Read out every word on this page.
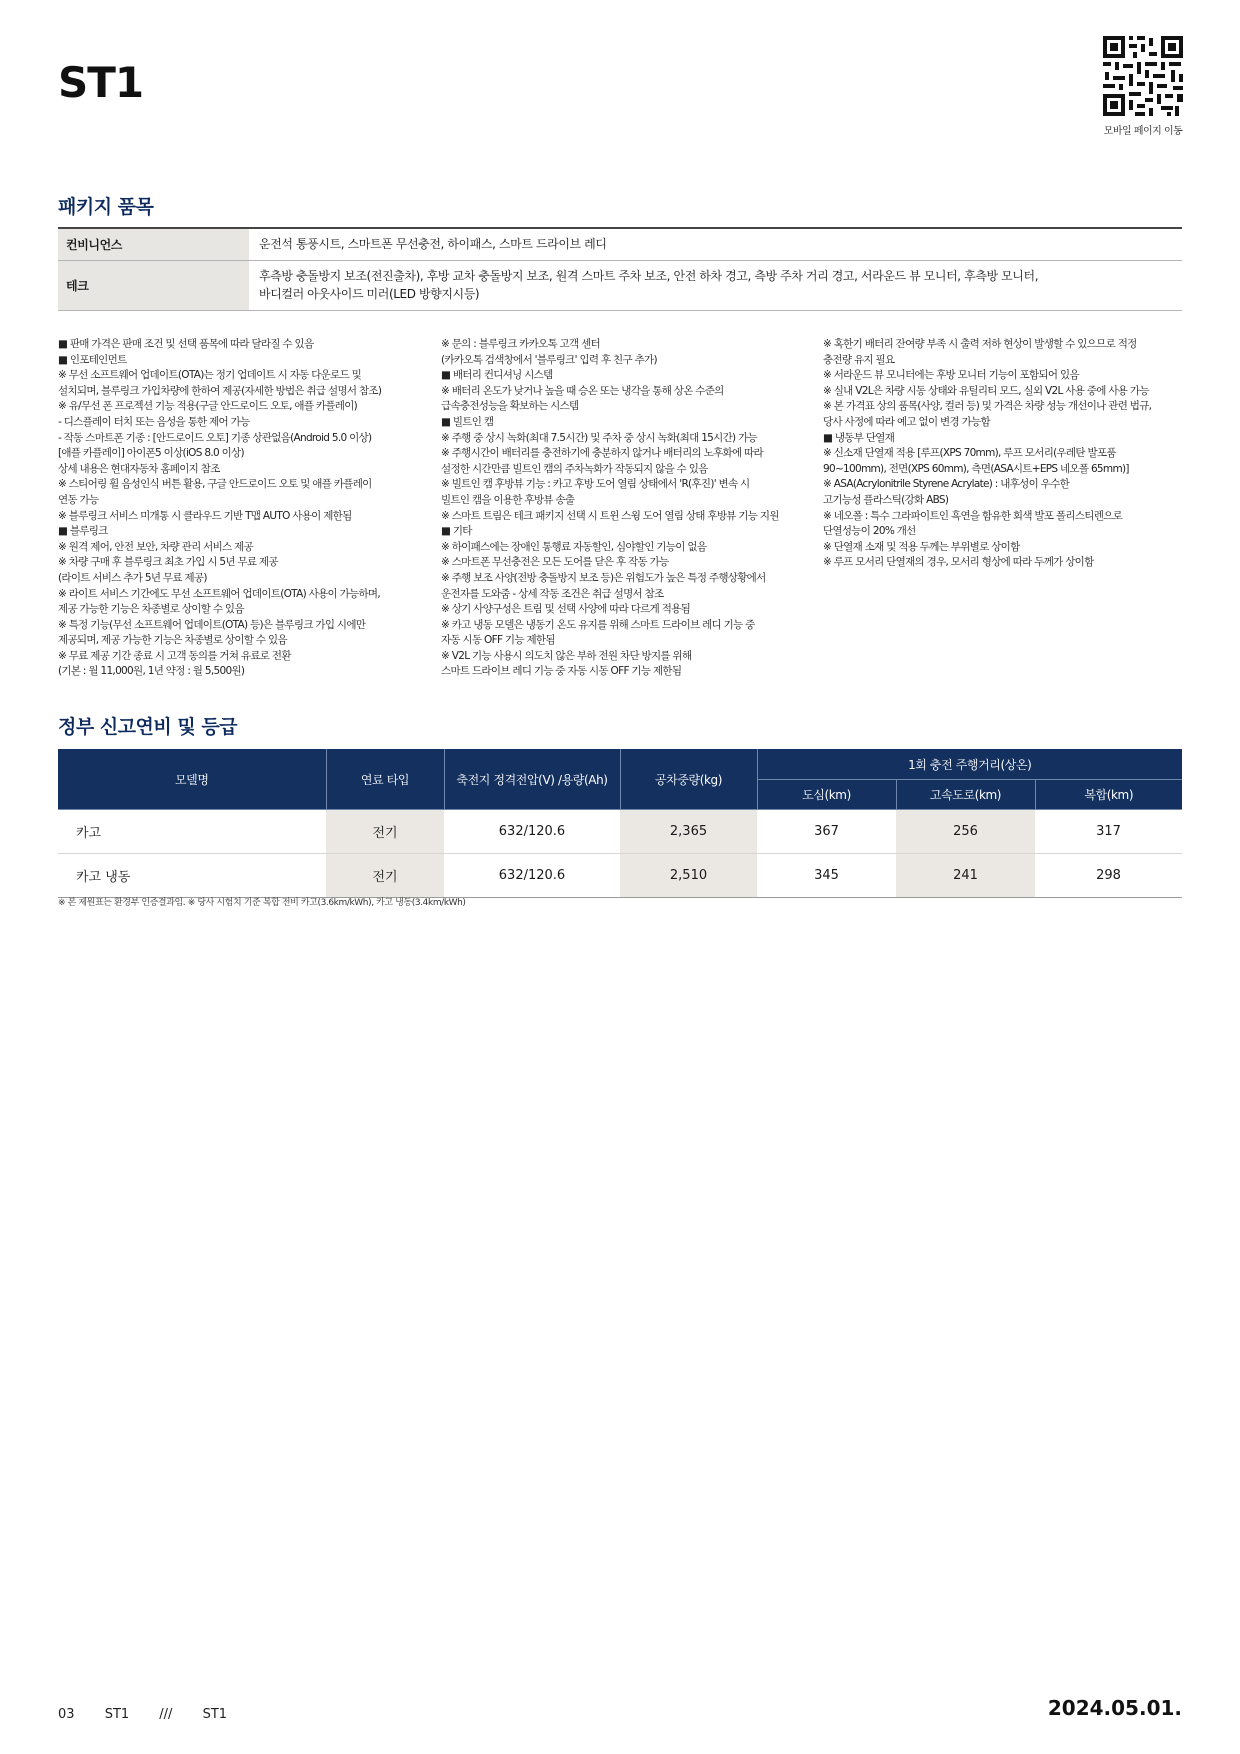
ST1
모바일 페이지 이동
패키지 품목
컨비니언스	운전석 통풍시트, 스마트폰 무선충전, 하이패스, 스마트 드라이브 레디

테크	후측방 충돌방지 보조(전진출차), 후방 교차 충돌방지 보조, 원격 스마트 주차 보조, 안전 하차 경고, 측방 주차 거리 경고, 서라운드 뷰 모니터, 후측방 모니터,
바디컬러 아웃사이드 미러(LED 방향지시등)
■ 판매 가격은 판매 조건 및 선택 품목에 따라 달라질 수 있음
■ 인포테인먼트
※ 무선 소프트웨어 업데이트(OTA)는 정기 업데이트 시 자동 다운로드 및
설치되며, 블루링크 가입차량에 한하여 제공(자세한 방법은 취급 설명서 참조)
※ 유/무선 폰 프로젝션 기능 적용(구글 안드로이드 오토, 애플 카플레이)
- 디스플레이 터치 또는 음성을 통한 제어 가능
- 작동 스마트폰 기종 : [안드로이드 오토] 기종 상관없음(Android 5.0 이상)
[애플 카플레이] 아이폰5 이상(iOS 8.0 이상)
상세 내용은 현대자동차 홈페이지 참조
※ 스티어링 휠 음성인식 버튼 활용, 구글 안드로이드 오토 및 애플 카플레이
연동 가능
※ 블루링크 서비스 미개통 시 클라우드 기반 T맵 AUTO 사용이 제한됨
■ 블루링크
※ 원격 제어, 안전 보안, 차량 관리 서비스 제공
※ 차량 구매 후 블루링크 최초 가입 시 5년 무료 제공
(라이트 서비스 추가 5년 무료 제공)
※ 라이트 서비스 기간에도 무선 소프트웨어 업데이트(OTA) 사용이 가능하며,
제공 가능한 기능은 차종별로 상이할 수 있음
※ 특정 기능(무선 소프트웨어 업데이트(OTA) 등)은 블루링크 가입 시에만
제공되며, 제공 가능한 기능은 차종별로 상이할 수 있음
※ 무료 제공 기간 종료 시 고객 동의를 거쳐 유료로 전환
(기본 : 월 11,000원, 1년 약정 : 월 5,500원)
※ 문의 : 블루링크 카카오톡 고객 센터
(카카오톡 검색창에서 '블루링크' 입력 후 친구 추가)
■ 배터리 컨디셔닝 시스템
※ 배터리 온도가 낮거나 높을 때 승온 또는 냉각을 통해 상온 수준의
급속충전성능을 확보하는 시스템
■ 빌트인 캠
※ 주행 중 상시 녹화(최대 7.5시간) 및 주차 중 상시 녹화(최대 15시간) 가능
※ 주행시간이 배터리를 충전하기에 충분하지 않거나 배터리의 노후화에 따라
설정한 시간만큼 빌트인 캠의 주차녹화가 작동되지 않을 수 있음
※ 빌트인 캠 후방뷰 기능 : 카고 후방 도어 열림 상태에서 'R(후진)' 변속 시
빌트인 캠을 이용한 후방뷰 송출
※ 스마트 트림은 테크 패키지 선택 시 트윈 스윙 도어 열림 상태 후방뷰 기능 지원
■ 기타
※ 하이패스에는 장애인 통행료 자동할인, 심야할인 기능이 없음
※ 스마트폰 무선충전은 모든 도어를 닫은 후 작동 가능
※ 주행 보조 사양(전방 충돌방지 보조 등)은 위험도가 높은 특정 주행상황에서
운전자를 도와줌 - 상세 작동 조건은 취급 설명서 참조
※ 상기 사양구성은 트림 및 선택 사양에 따라 다르게 적용됨
※ 카고 냉동 모델은 냉동기 온도 유지를 위해 스마트 드라이브 레디 기능 중
자동 시동 OFF 기능 제한됨
※ V2L 기능 사용시 의도치 않은 부하 전원 차단 방지를 위해
스마트 드라이브 레디 기능 중 자동 시동 OFF 기능 제한됨
※ 혹한기 배터리 잔여량 부족 시 출력 저하 현상이 발생할 수 있으므로 적정
충전량 유지 필요
※ 서라운드 뷰 모니터에는 후방 모니터 기능이 포함되어 있음
※ 실내 V2L은 차량 시동 상태와 유틸리티 모드, 실외 V2L 사용 중에 사용 가능
※ 본 가격표 상의 품목(사양, 컬러 등) 및 가격은 차량 성능 개선이나 관련 법규,
당사 사정에 따라 예고 없이 변경 가능함
■ 냉동부 단열재
※ 신소재 단열재 적용 [루프(XPS 70mm), 루프 모서리(우레탄 발포품
90~100mm), 전면(XPS 60mm), 측면(ASA시트+EPS 네오폴 65mm)]
※ ASA(Acrylonitrile Styrene Acrylate) : 내후성이 우수한
고기능성 플라스틱(강화 ABS)
※ 네오폴 : 특수 그라파이트인 흑연을 함유한 회색 발포 폴리스티렌으로
단열성능이 20% 개선
※ 단열재 소재 및 적용 두께는 부위별로 상이함
※ 루프 모서리 단열재의 경우, 모서리 형상에 따라 두께가 상이함
정부 신고연비 및 등급
모델명	연료 타입	축전지 정격전압(V) /용량(Ah)	공차중량(kg)	1회 충전 주행거리(상온)		
				도심(km)	고속도로(km)	복합(km)
카고	전기	632/120.6	2,365	367	256	317
카고 냉동	전기	632/120.6	2,510	345	241	298
※ 본 제원표는 환경부 인증결과임. ※ 당사 시험치 기준 복합 전비 카고(3.6km/kWh), 카고 냉동(3.4km/kWh)
03 ST1 /// ST1	2024.05.01.
